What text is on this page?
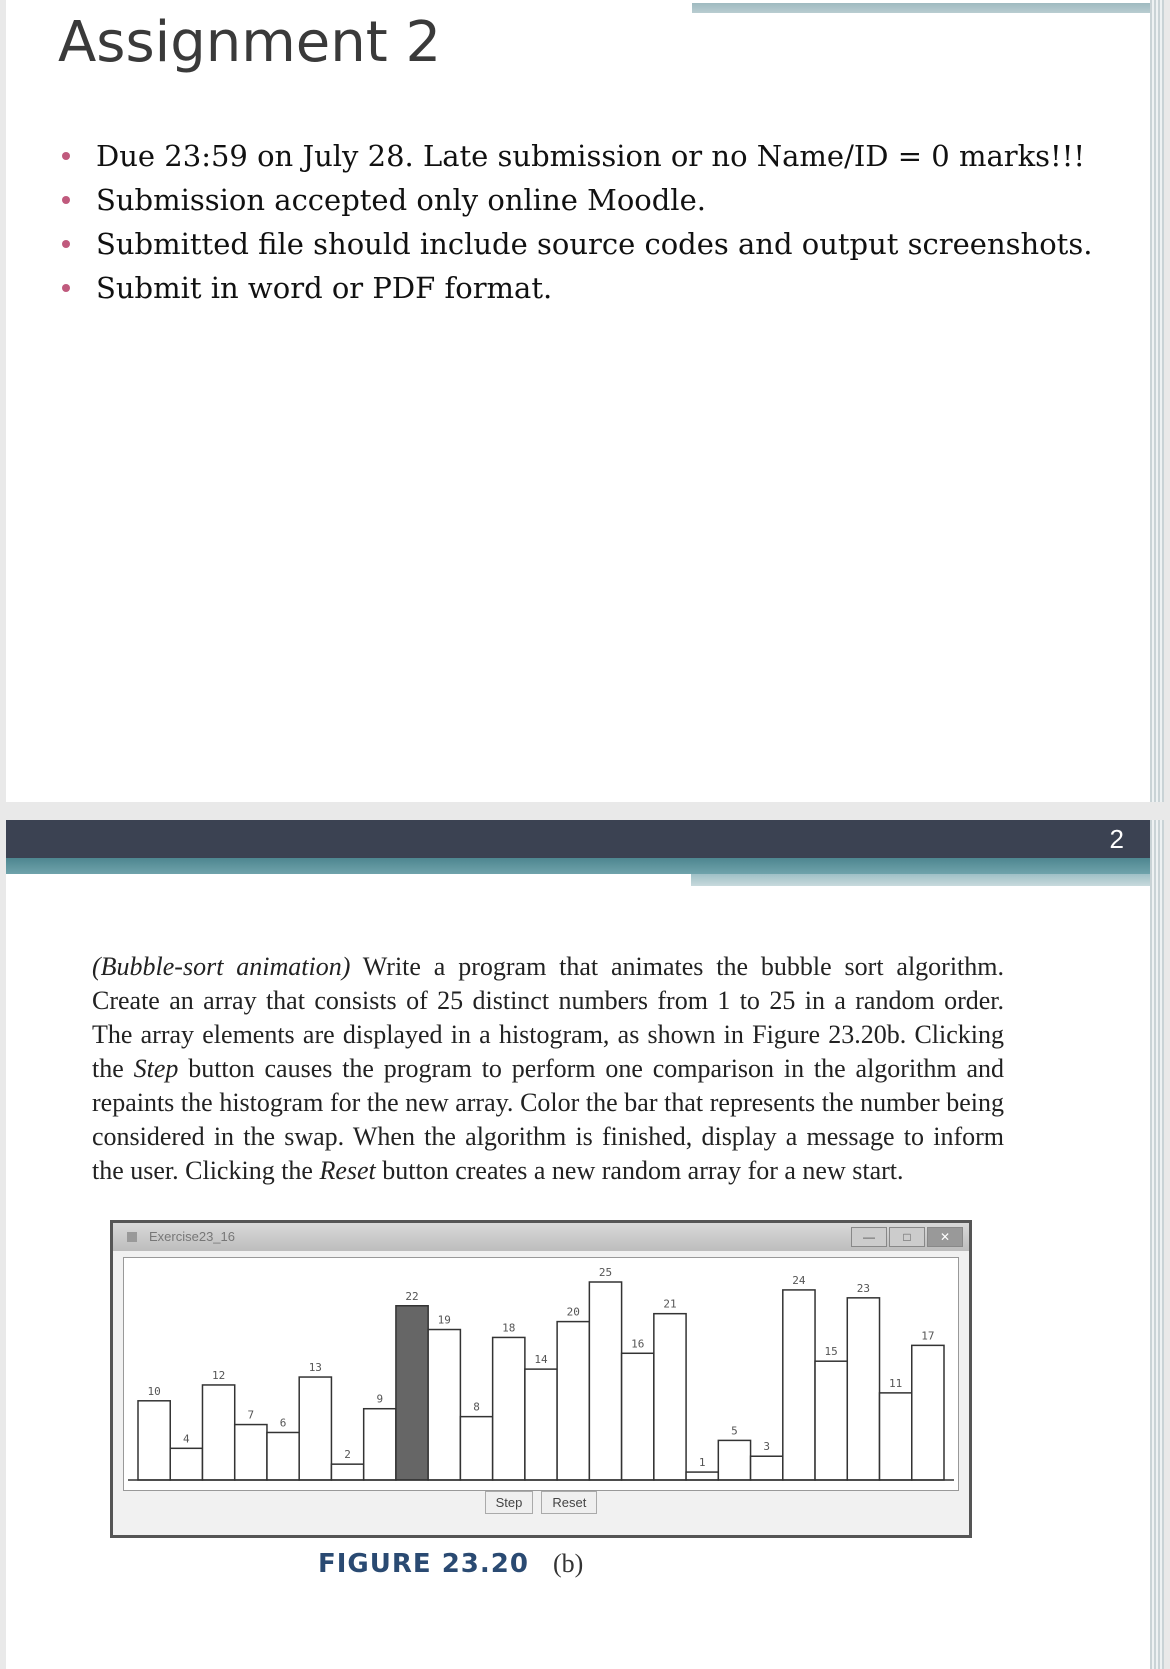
Assignment 2
Due 23:59 on July 28. Late submission or no Name/ID = 0 marks!!!
Submission accepted only online Moodle.
Submitted file should include source codes and output screenshots.
Submit in word or PDF format.
2

(Bubble-sort animation) Write a program that animates the bubble sort algorithm. Create an array that consists of 25 distinct numbers from 1 to 25 in a random order. The array elements are displayed in a histogram, as shown in Figure 23.20b. Clicking the Step button causes the program to perform one comparison in the algorithm and repaints the histogram for the new array. Color the bar that represents the number being considered in the swap. When the algorithm is finished, display a message to inform the user. Clicking the Reset button creates a new random array for a new start.

Exercise23_16	—	□	✕
10
4
12
7
6
13
2
9
22
19
8
18
14
20
25
16
21
1
5
3
24
15
23
11
17
Step	Reset
FIGURE 23.20 (b)
